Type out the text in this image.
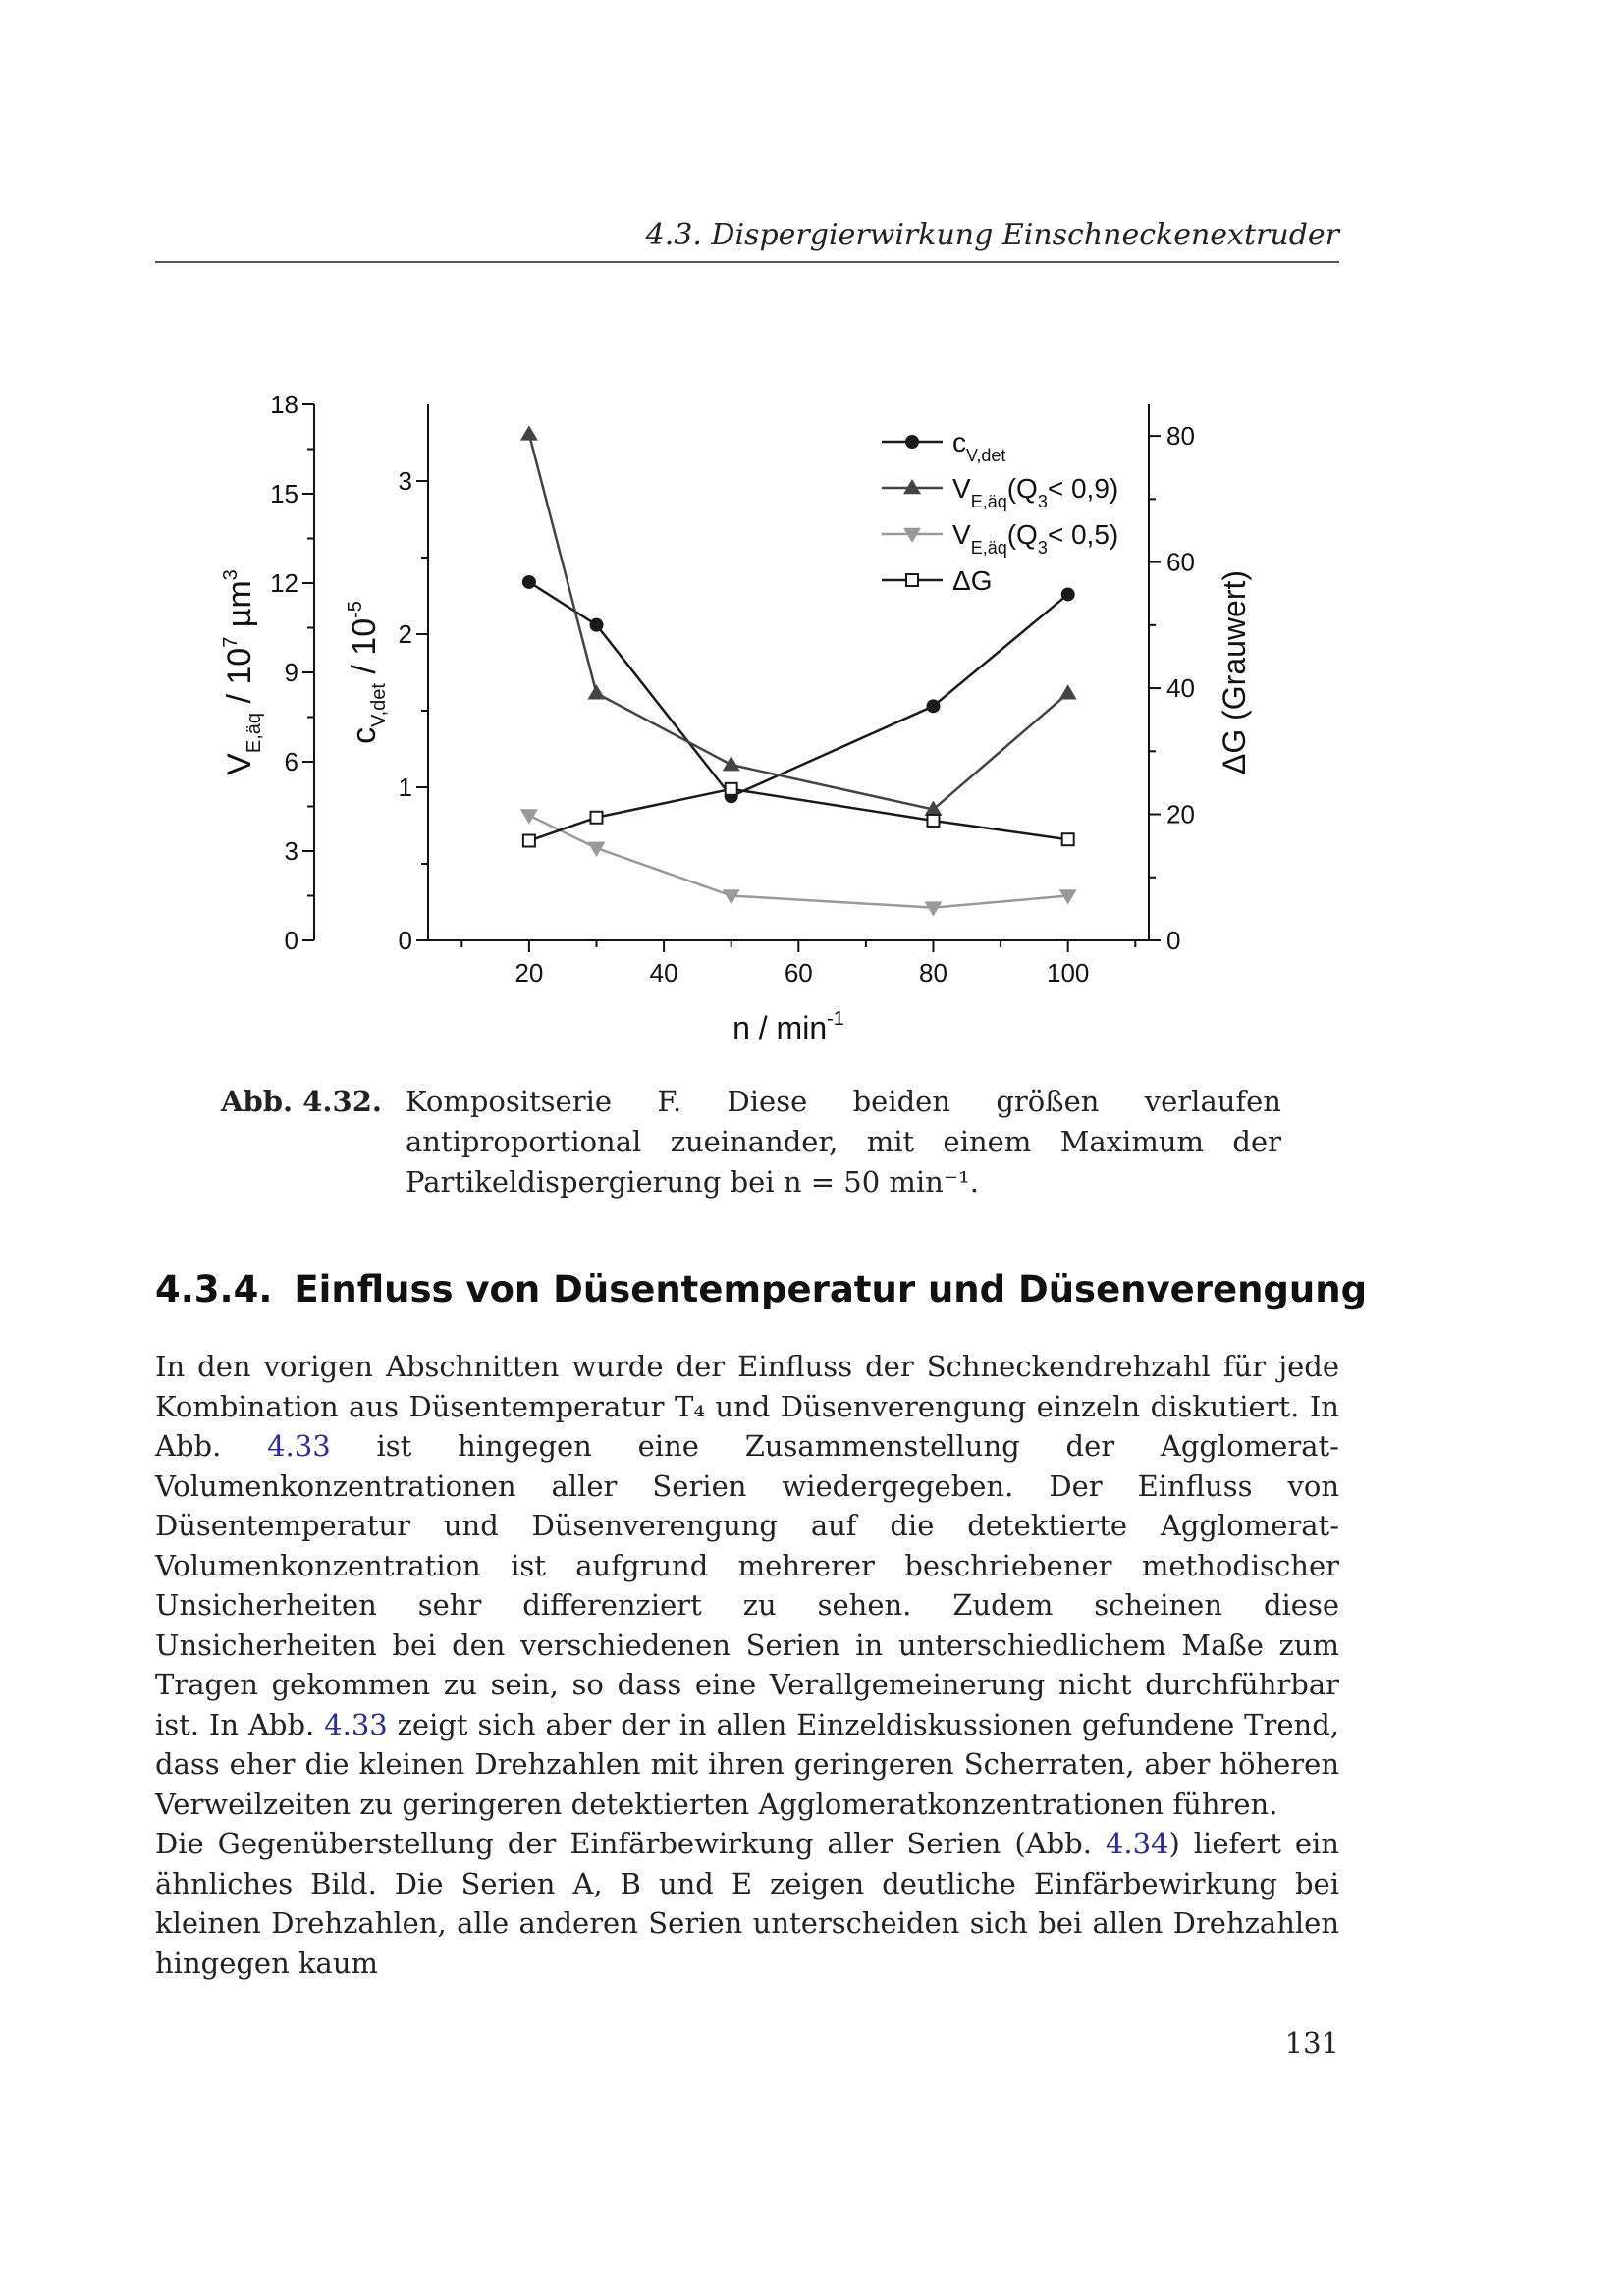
4.3. Dispergierwirkung Einschneckenextruder
20	40	60	80	100
n / $\min^{-1}$
0
3
6
9
12
15
18
$V_{E,äq} / 10^7$ µm$^3$
0
1
2
3
$c_{V,det} / 10^{-5}$
0
20
40
60
80
ΔG (Grauwert)
$c_{V,det}$
$V_{E,äq}(Q_3< 0,9)$
$V_{E,äq}(Q_3< 0,5)$
ΔG
Abb. 4.32. Kompositserie F. Diese beiden größen verlaufen antiproportional zueinander, mit einem Maximum der Partikeldispergierung bei n = 50 min⁻¹.
4.3.4. Einfluss von Düsentemperatur und Düsenverengung

In den vorigen Abschnitten wurde der Einfluss der Schneckendrehzahl für jede Kombination aus Düsentemperatur T₄ und Düsenverengung einzeln diskutiert. In Abb. 4.33 ist hingegen eine Zusammenstellung der Agglomerat-Volumenkonzentrationen aller Serien wiedergegeben. Der Einfluss von Düsentemperatur und Düsenverengung auf die detektierte Agglomerat-Volumenkonzentration ist aufgrund mehrerer beschriebener methodischer Unsicherheiten sehr differenziert zu sehen. Zudem scheinen diese Unsicherheiten bei den verschiedenen Serien in unterschiedlichem Maße zum Tragen gekommen zu sein, so dass eine Verallgemeinerung nicht durchführbar ist. In Abb. 4.33 zeigt sich aber der in allen Einzeldiskussionen gefundene Trend, dass eher die kleinen Drehzahlen mit ihren geringeren Scherraten, aber höheren Verweilzeiten zu geringeren detektierten Agglomeratkonzentrationen führen.

Die Gegenüberstellung der Einfärbewirkung aller Serien (Abb. 4.34) liefert ein ähnliches Bild. Die Serien A, B und E zeigen deutliche Einfärbewirkung bei kleinen Drehzahlen, alle anderen Serien unterscheiden sich bei allen Drehzahlen hingegen kaum

131
